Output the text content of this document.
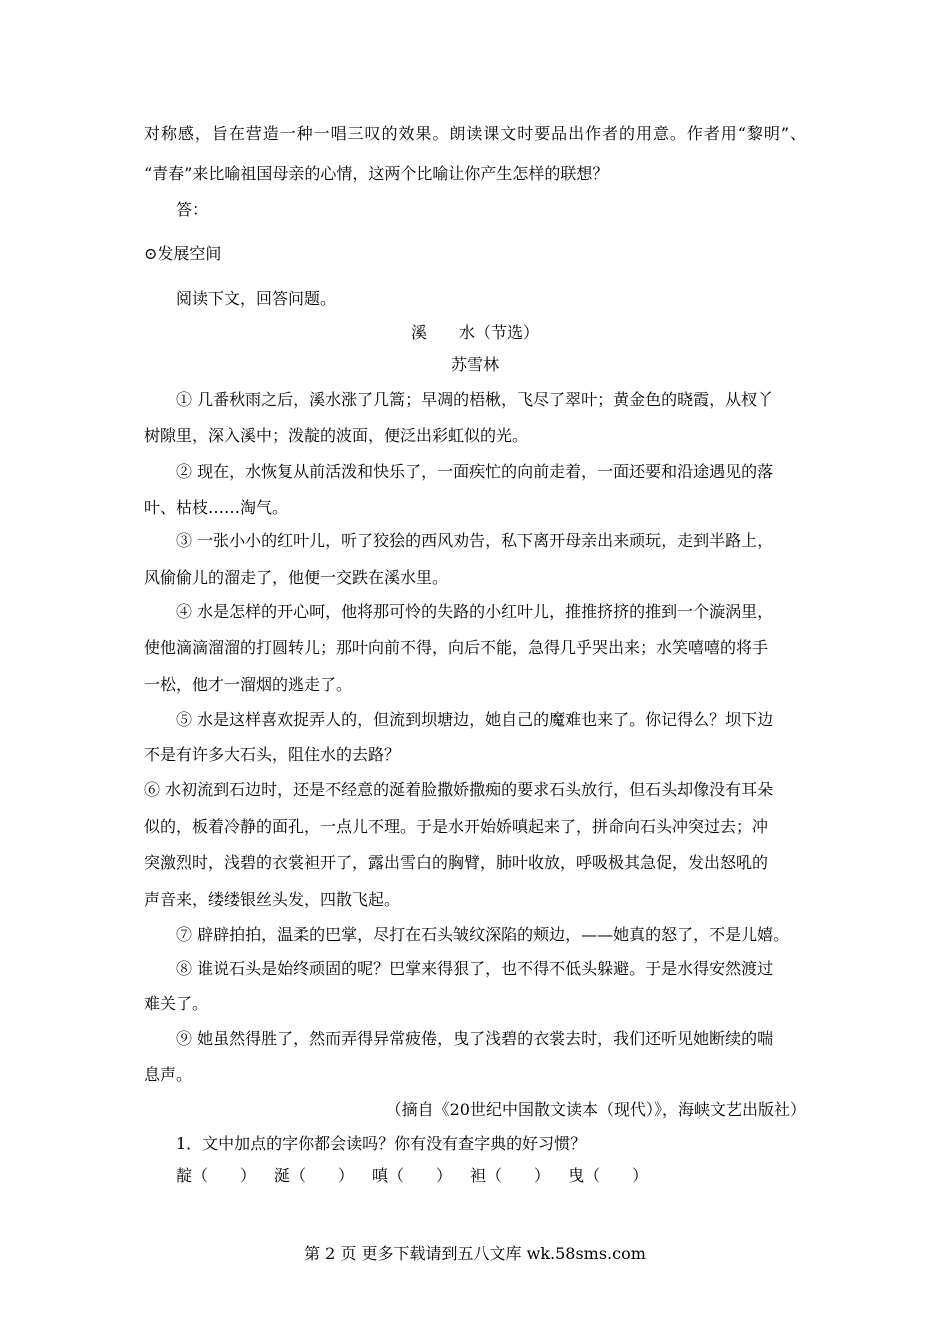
对称感，旨在营造一种一唱三叹的效果。朗读课文时要品出作者的用意。作者用“黎明”、
“青春”来比喻祖国母亲的心情，这两个比喻让你产生怎样的联想？
答：
⊙发展空间
阅读下文，回答问题。
溪　　水（节选）
苏雪林
① 几番秋雨之后，溪水涨了几篙；早凋的梧楸，飞尽了翠叶；黄金色的晓霞，从杈丫
树隙里，深入溪中；泼靛的波面，便泛出彩虹似的光。
② 现在，水恢复从前活泼和快乐了，一面疾忙的向前走着，一面还要和沿途遇见的落
叶、枯枝……淘气。
③ 一张小小的红叶儿，听了狡狯的西风劝告，私下离开母亲出来顽玩，走到半路上，
风偷偷儿的溜走了，他便一交跌在溪水里。
④ 水是怎样的开心呵，他将那可怜的失路的小红叶儿，推推挤挤的推到一个漩涡里，
使他滴滴溜溜的打圆转儿；那叶向前不得，向后不能，急得几乎哭出来；水笑嘻嘻的将手
一松，他才一溜烟的逃走了。
⑤ 水是这样喜欢捉弄人的，但流到坝塘边，她自己的魔难也来了。你记得么？坝下边
不是有许多大石头，阻住水的去路？
⑥ 水初流到石边时，还是不经意的涎着脸撒娇撒痴的要求石头放行，但石头却像没有耳朵
似的，板着冷静的面孔，一点儿不理。于是水开始娇嗔起来了，拼命向石头冲突过去；冲
突激烈时，浅碧的衣裳袒开了，露出雪白的胸臂，肺叶收放，呼吸极其急促，发出怒吼的
声音来，缕缕银丝头发，四散飞起。
⑦ 辟辟拍拍，温柔的巴掌，尽打在石头皱纹深陷的颊边，——她真的怒了，不是儿嬉。
⑧ 谁说石头是始终顽固的呢？巴掌来得狠了，也不得不低头躲避。于是水得安然渡过
难关了。
⑨ 她虽然得胜了，然而弄得异常疲倦，曳了浅碧的衣裳去时，我们还听见她断续的喘
息声。
（摘自《20世纪中国散文读本（现代）》，海峡文艺出版社）
1．文中加点的字你都会读吗？你有没有查字典的好习惯？
靛（　　） 涎（　　） 嗔（　　） 袒（　　） 曳（　　）
第 2 页 更多下载请到五八文库 wk.58sms.com
